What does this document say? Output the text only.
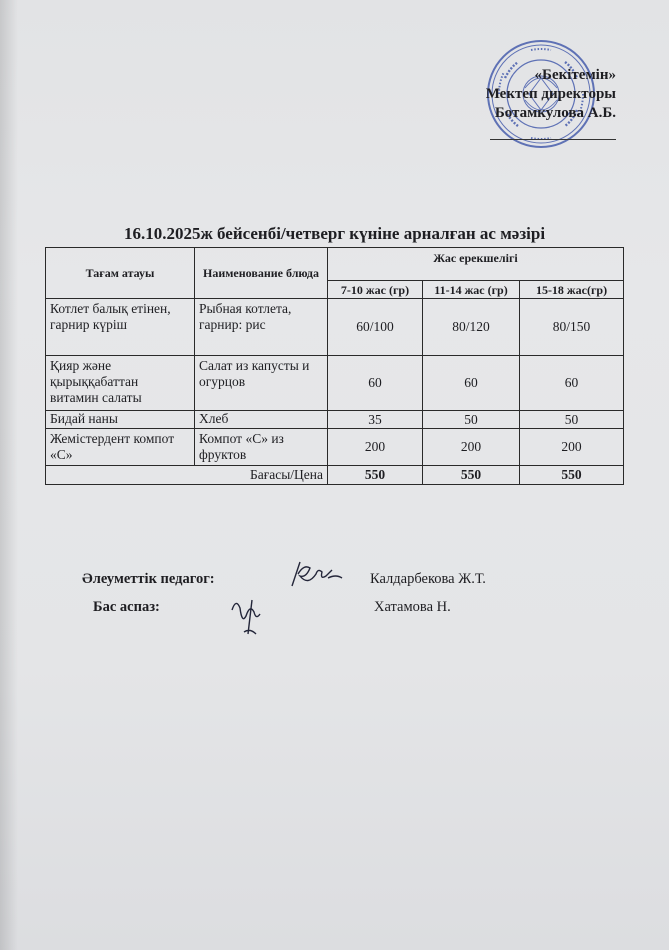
«Бекітемін»
Мектеп директоры
Ботамкулова А.Б.
16.10.2025ж бейсенбі/четверг күніне арналған ас мәзірі
Тағам атауы	Наименование блюда	Жас ерекшелігі		
		7-10 жас (гр)	11-14 жас (гр)	15-18 жас(гр)
Котлет балық етінен, гарнир күріш	Рыбная котлета, гарнир: рис	60/100	80/120	80/150
Қияр және қырыққабаттан витамин салаты	Салат из капусты и огурцов	60	60	60
Бидай наны	Хлеб	35	50	50
Жемістердент компот «С»	Компот «С» из фруктов	200	200	200
Бағасы/Цена		550	550	550
Әлеуметтік педагог:	Калдарбекова Ж.Т.
Бас аспаз:	Хатамова Н.
